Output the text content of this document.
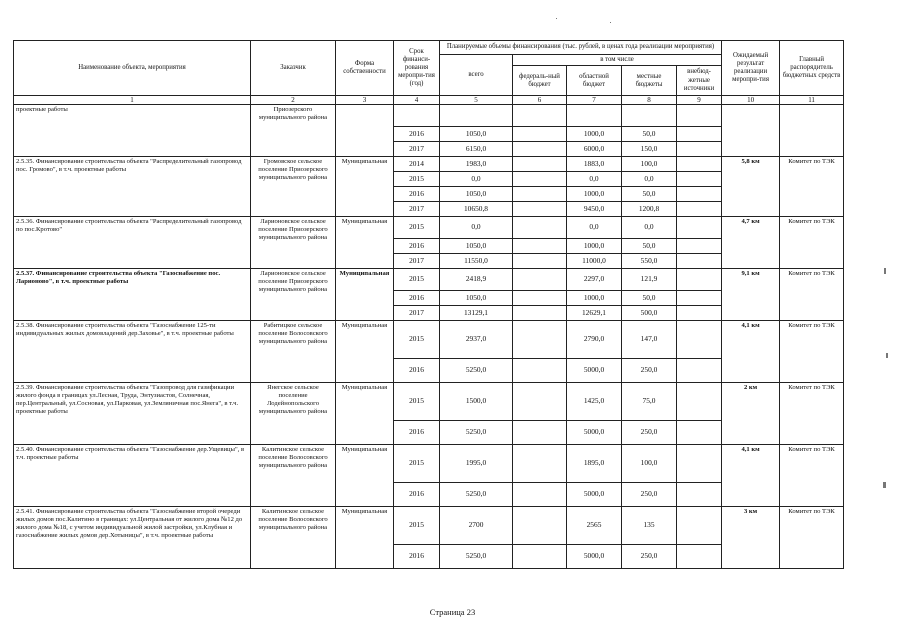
Наименование объекта, мероприятия	Заказчик	Форма собственности	Срок финанси-рования меропри-тия (год)	Планируемые объемы финансирования (тыс. рублей, в ценах года реализации мероприятия)					Ожидаемый результат реализации меропри-тия	Главный распорядитель бюджетных средств
				всего	в том числе					
					федераль-ный бюджет	областной бюджет	местные бюджеты	внебюд-жетные источники		
1	2	3	4	5	6	7	8	9	10	11
проектные работы	Приозерского муниципального района									
			2016	1050,0		1000,0	50,0			
			2017	6150,0		6000,0	150,0			
2.5.35. Финансирование строительства объекта "Распределительный газопровод пос. Громово", в т.ч. проектные работы	Громовское сельское поселение Приозерского муниципального района	Муниципальная	2014	1983,0		1883,0	100,0		5,8 км	Комитет по ТЭК
			2015	0,0		0,0	0,0			
			2016	1050,0		1000,0	50,0			
			2017	10650,8		9450,0	1200,8			
2.5.36. Финансирование строительства объекта "Распределительный газопровод по пос.Кротово"	Ларионовское сельское поселение Приозерского муниципального района	Муниципальная	2015	0,0		0,0	0,0		4,7 км	Комитет по ТЭК
			2016	1050,0		1000,0	50,0			
			2017	11550,0		11000,0	550,0			
2.5.37. Финансирование строительства объекта "Газоснабжение пос. Ларионово", в т.ч. проектные работы	Ларионовское сельское поселение Приозерского муниципального района	Муниципальная	2015	2418,9		2297,0	121,9		9,1 км	Комитет по ТЭК
			2016	1050,0		1000,0	50,0			
			2017	13129,1		12629,1	500,0			
2.5.38. Финансирование строительства объекта "Газоснабжение 125-ти индивидуальных жилых домовладений дер.Заховье", в т.ч. проектные работы	Рабитицкое сельское поселение Волосовского муниципального района	Муниципальная	2015	2937,0		2790,0	147,0		4,1 км	Комитет по ТЭК
			2016	5250,0		5000,0	250,0			
2.5.39. Финансирование строительства объекта "Газопровод для газификации жилого фонда в границах ул.Лесная, Труда, Энтузиастов, Солнечная, пер.Центральный, ул.Сосновая, ул.Парковая, ул.Земляничная пос.Янега", в т.ч. проектные работы	Янегское сельское поселение Лодейнопольского муниципального района	Муниципальная	2015	1500,0		1425,0	75,0		2 км	Комитет по ТЭК
			2016	5250,0		5000,0	250,0			
2.5.40. Финансирование строительства объекта "Газоснабжение дер.Ущевицы", в т.ч. проектные работы	Калитинское сельское поселение Волосовского муниципального района	Муниципальная	2015	1995,0		1895,0	100,0		4,1 км	Комитет по ТЭК
			2016	5250,0		5000,0	250,0			
2.5.41. Финансирование строительства объекта "Газоснабжение второй очереди жилых домов пос.Калитино в границах: ул.Центральная от жилого дома №12 до жилого дома №18, с учетом индивидуальной жилой застройки, ул.Клубная и газоснабжение жилых домов дер.Хотыницы", в т.ч. проектные работы	Калитинское сельское поселение Волосовского муниципального района	Муниципальная	2015	2700		2565	135		3 км	Комитет по ТЭК
			2016	5250,0		5000,0	250,0			
Страница 23
